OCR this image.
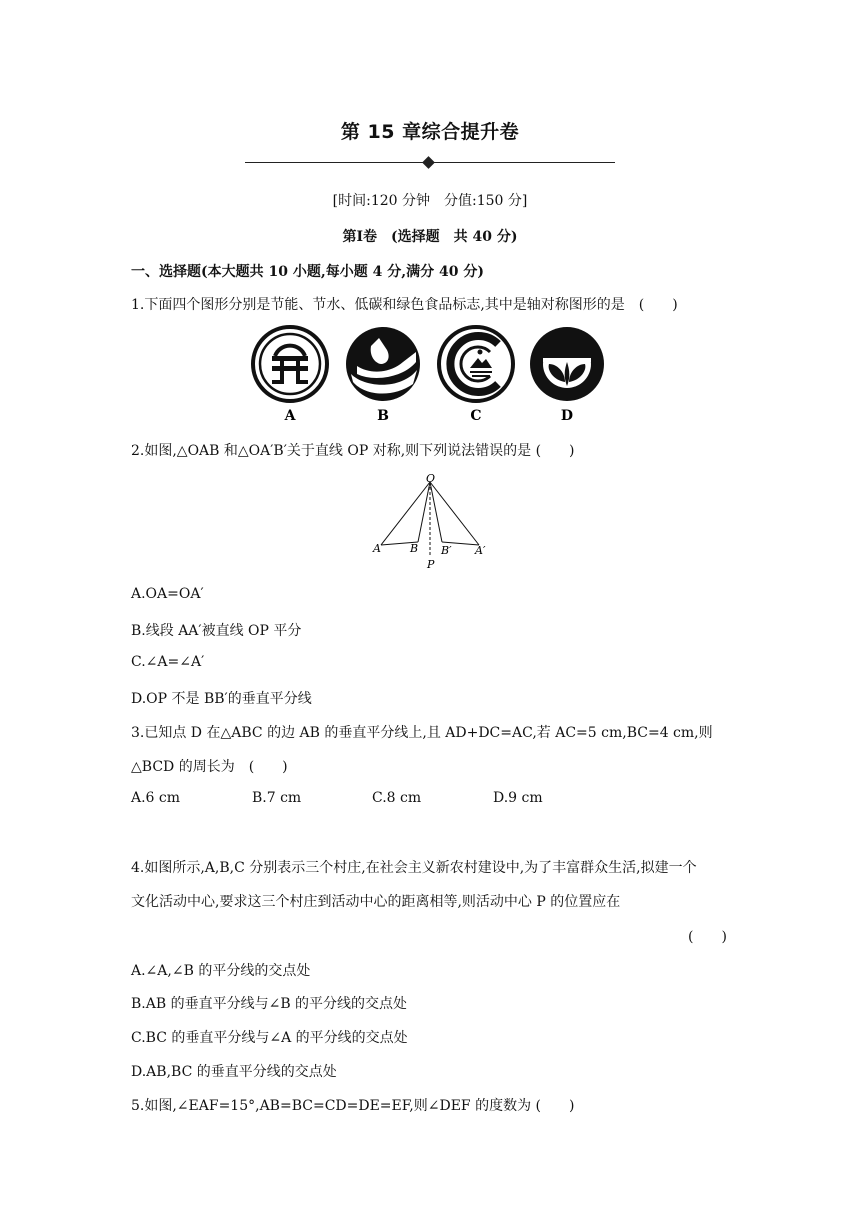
第 15 章综合提升卷
[时间:120 分钟　分值:150 分]
第Ⅰ卷　(选择题　共 40 分)
一、选择题(本大题共 10 小题,每小题 4 分,满分 40 分)
1.下面四个图形分别是节能、节水、低碳和绿色食品标志,其中是轴对称图形的是　(　　)
A	B	C	D
2.如图,△OAB 和△OA′B′关于直线 OP 对称,则下列说法错误的是 (　　)
O
A	B
P
B′ A′
A.OA=OA′
B.线段 AA′被直线 OP 平分
C.∠A=∠A′
D.OP 不是 BB′的垂直平分线
3.已知点 D 在△ABC 的边 AB 的垂直平分线上,且 AD+DC=AC,若 AC=5 cm,BC=4 cm,则
△BCD 的周长为　(　　)
A.6 cm	B.7 cm	C.8 cm	D.9 cm
4.如图所示,A,B,C 分别表示三个村庄,在社会主义新农村建设中,为了丰富群众生活,拟建一个
文化活动中心,要求这三个村庄到活动中心的距离相等,则活动中心 P 的位置应在
(　　)
A.∠A,∠B 的平分线的交点处
B.AB 的垂直平分线与∠B 的平分线的交点处
C.BC 的垂直平分线与∠A 的平分线的交点处
D.AB,BC 的垂直平分线的交点处
5.如图,∠EAF=15°,AB=BC=CD=DE=EF,则∠DEF 的度数为 (　　)
